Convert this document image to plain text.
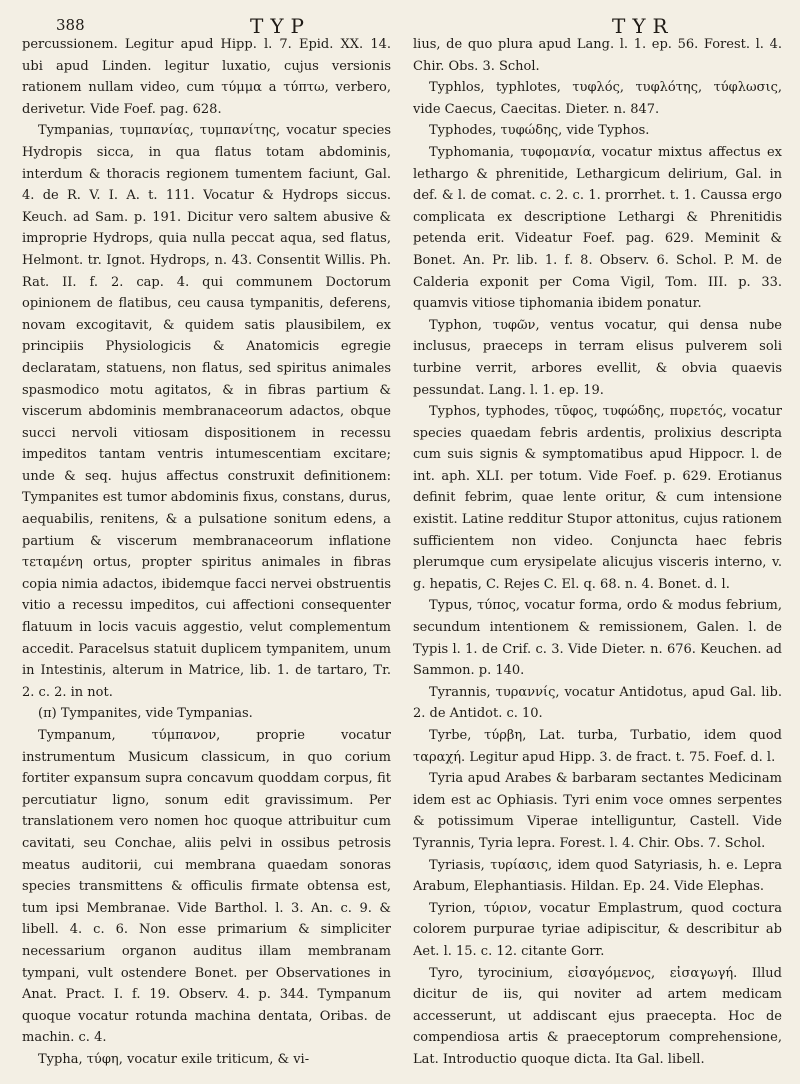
388	TYP	TYR

percussionem. Legitur apud Hipp. l. 7. Epid. XX. 14. ubi apud Linden. legitur luxatio, cujus versionis rationem nullam video, cum τύμμα a τύπτω, verbero, derivetur. Vide Foef. pag. 628.

Tympanias, τυμπανίας, τυμπανίτης, vocatur species Hydropis sicca, in qua flatus totam abdominis, interdum & thoracis regionem tumentem faciunt, Gal. 4. de R. V. I. A. t. 111. Vocatur & Hydrops siccus. Keuch. ad Sam. p. 191. Dicitur vero saltem abusive & improprie Hydrops, quia nulla peccat aqua, sed flatus, Helmont. tr. Ignot. Hydrops, n. 43. Consentit Willis. Ph. Rat. II. f. 2. cap. 4. qui communem Doctorum opinionem de flatibus, ceu causa tympanitis, deferens, novam excogitavit, & quidem satis plausibilem, ex principiis Physiologicis & Anatomicis egregie declaratam, statuens, non flatus, sed spiritus animales spasmodico motu agitatos, & in fibras partium & viscerum abdominis membranaceorum adactos, obque succi nervoli vitiosam dispositionem in recessu impeditos tantam ventris intumescentiam excitare; unde & seq. hujus affectus construxit definitionem: Tympanites est tumor abdominis fixus, constans, durus, aequabilis, renitens, & a pulsatione sonitum edens, a partium & viscerum membranaceorum inflatione τεταμένη ortus, propter spiritus animales in fibras copia nimia adactos, ibidemque facci nervei obstruentis vitio a recessu impeditos, cui affectioni consequenter flatuum in locis vacuis aggestio, velut complementum accedit. Paracelsus statuit duplicem tympanitem, unum in Intestinis, alterum in Matrice, lib. 1. de tartaro, Tr. 2. c. 2. in not.

(π) Tympanites, vide Tympanias.

Tympanum, τύμπανον, proprie vocatur instrumentum Musicum classicum, in quo corium fortiter expansum supra concavum quoddam corpus, fit percutiatur ligno, sonum edit gravissimum. Per translationem vero nomen hoc quoque attribuitur cum cavitati, seu Conchae, aliis pelvi in ossibus petrosis meatus auditorii, cui membrana quaedam sonoras species transmittens & officulis firmate obtensa est, tum ipsi Membranae. Vide Barthol. l. 3. An. c. 9. & libell. 4. c. 6. Non esse primarium & simpliciter necessarium organon auditus illam membranam tympani, vult ostendere Bonet. per Observationes in Anat. Pract. I. f. 19. Observ. 4. p. 344. Tympanum quoque vocatur rotunda machina dentata, Oribas. de machin. c. 4.

Typha, τύφη, vocatur exile triticum, & vi-

lius, de quo plura apud Lang. l. 1. ep. 56. Forest. l. 4. Chir. Obs. 3. Schol.

Typhlos, typhlotes, τυφλός, τυφλότης, τύφλωσις, vide Caecus, Caecitas. Dieter. n. 847.

Typhodes, τυφώδης, vide Typhos.

Typhomania, τυφομανία, vocatur mixtus affectus ex lethargo & phrenitide, Lethargicum delirium, Gal. in def. & l. de comat. c. 2. c. 1. prorrhet. t. 1. Caussa ergo complicata ex descriptione Lethargi & Phrenitidis petenda erit. Videatur Foef. pag. 629. Meminit & Bonet. An. Pr. lib. 1. f. 8. Observ. 6. Schol. P. M. de Calderia exponit per Coma Vigil, Tom. III. p. 33. quamvis vitiose tiphomania ibidem ponatur.

Typhon, τυφῶν, ventus vocatur, qui densa nube inclusus, praeceps in terram elisus pulverem soli turbine verrit, arbores evellit, & obvia quaevis pessundat. Lang. l. 1. ep. 19.

Typhos, typhodes, τῦφος, τυφώδης, πυρετός, vocatur species quaedam febris ardentis, prolixius descripta cum suis signis & symptomatibus apud Hippocr. l. de int. aph. XLI. per totum. Vide Foef. p. 629. Erotianus definit febrim, quae lente oritur, & cum intensione existit. Latine redditur Stupor attonitus, cujus rationem sufficientem non video. Conjuncta haec febris plerumque cum erysipelate alicujus visceris interno, v. g. hepatis, C. Rejes C. El. q. 68. n. 4. Bonet. d. l.

Typus, τύπος, vocatur forma, ordo & modus febrium, secundum intentionem & remissionem, Galen. l. de Typis l. 1. de Crif. c. 3. Vide Dieter. n. 676. Keuchen. ad Sammon. p. 140.

Tyrannis, τυραννίς, vocatur Antidotus, apud Gal. lib. 2. de Antidot. c. 10.

Tyrbe, τύρβη, Lat. turba, Turbatio, idem quod ταραχή. Legitur apud Hipp. 3. de fract. t. 75. Foef. d. l.

Tyria apud Arabes & barbaram sectantes Medicinam idem est ac Ophiasis. Tyri enim voce omnes serpentes & potissimum Viperae intelliguntur, Castell. Vide Tyrannis, Tyria lepra. Forest. l. 4. Chir. Obs. 7. Schol.

Tyriasis, τυρίασις, idem quod Satyriasis, h. e. Lepra Arabum, Elephantiasis. Hildan. Ep. 24. Vide Elephas.

Tyrion, τύριον, vocatur Emplastrum, quod coctura colorem purpurae tyriae adipiscitur, & describitur ab Aet. l. 15. c. 12. citante Gorr.

Tyro, tyrocinium, εἰσαγόμενος, εἰσαγωγή. Illud dicitur de iis, qui noviter ad artem medicam accesserunt, ut addiscant ejus praecepta. Hoc de compendiosa artis & praeceptorum comprehensione, Lat. Introductio quoque dicta. Ita Gal. libell.
